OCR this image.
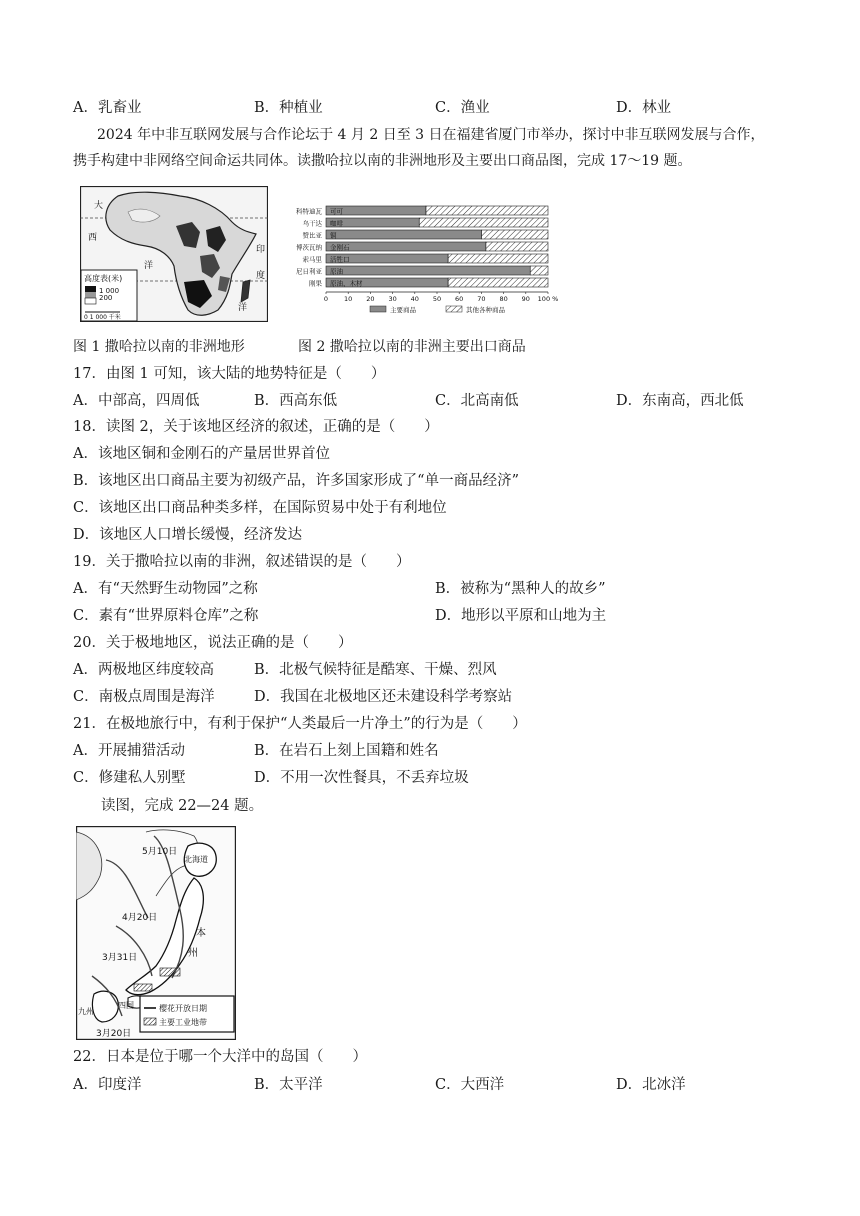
A．乳畜业	B．种植业	C．渔业	D．林业
2024 年中非互联网发展与合作论坛于 4 月 2 日至 3 日在福建省厦门市举办，探讨中非互联网发展与合作，
携手构建中非网络空间命运共同体。读撒哈拉以南的非洲地形及主要出口商品图，完成 17～19 题。
高度表(米)
1 000
200
0 1 000 千米
大
西
洋
印
度
洋
科特迪瓦 可可
乌干达 咖啡
赞比亚 铜
博茨瓦纳 金刚石
索马里 活牲口
尼日利亚 原油
刚果 原油、木材
0 10 20 30 40 50 60 70 80 90 100 %
主要商品	其他各种商品
图 1 撒哈拉以南的非洲地形	图 2 撒哈拉以南的非洲主要出口商品
17．由图 1 可知，该大陆的地势特征是（　　）
A．中部高，四周低	B．西高东低	C．北高南低	D．东南高，西北低
18．读图 2，关于该地区经济的叙述，正确的是（　　）
A．该地区铜和金刚石的产量居世界首位
B．该地区出口商品主要为初级产品，许多国家形成了“单一商品经济”
C．该地区出口商品种类多样，在国际贸易中处于有利地位
D．该地区人口增长缓慢，经济发达
19．关于撒哈拉以南的非洲，叙述错误的是（　　）
A．有“天然野生动物园”之称	B．被称为“黑种人的故乡”
C．素有“世界原料仓库”之称	D．地形以平原和山地为主
20．关于极地地区，说法正确的是（　　）
A．两极地区纬度较高	B．北极气候特征是酷寒、干燥、烈风
C．南极点周围是海洋	D．我国在北极地区还未建设科学考察站
21．在极地旅行中，有利于保护“人类最后一片净土”的行为是（　　）
A．开展捕猎活动	B．在岩石上刻上国籍和姓名
C．修建私人别墅	D．不用一次性餐具，不丢弃垃圾
读图，完成 22—24 题。
5月10日
4月20日
3月31日
3月20日
北海道
本
州
四国
九州	樱花开放日期
主要工业地带
22．日本是位于哪一个大洋中的岛国（　　）
A．印度洋	B．太平洋	C．大西洋	D．北冰洋
